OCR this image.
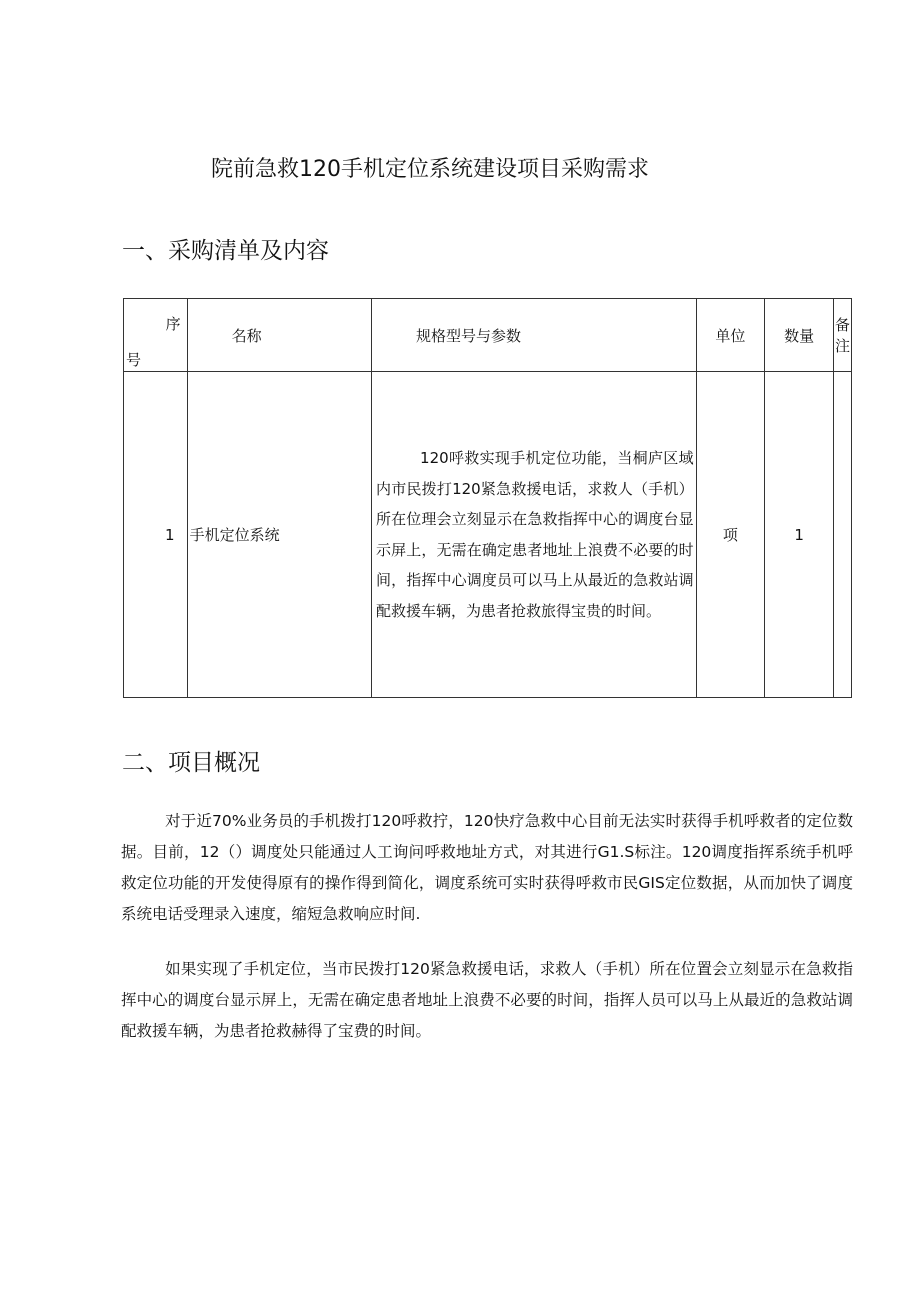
院前急救120手机定位系统建设项目采购需求
一、采购清单及内容
序
号	名称	规格型号与参数	单位	数量	备注
1	手机定位系统	120呼救实现手机定位功能，当桐庐区域内市民拨打120紧急救援电话，求救人（手机）所在位理会立刻显示在急救指挥中心的调度台显示屏上，无需在确定患者地址上浪费不必要的时间，指挥中心调度员可以马上从最近的急救站调配救援车辆，为患者抢救旅得宝贵的时间。	项	1	
二、项目概况
对于近70%业务员的手机拨打120呼救拧，120快疗急救中心目前无法实时获得手机呼救者的定位数据。目前，12（）调度处只能通过人工询问呼救地址方式，对其进行G1.S标注。120调度指挥系统手机呼救定位功能的开发使得原有的操作得到简化，调度系统可实时获得呼救市民GIS定位数据，从而加快了调度系统电话受理录入速度，缩短急救响应时间.
如果实现了手机定位，当市民拨打120紧急救援电话，求救人（手机）所在位置会立刻显示在急救指挥中心的调度台显示屏上，无需在确定患者地址上浪费不必要的时间，指挥人员可以马上从最近的急救站调配救援车辆，为患者抢救赫得了宝费的时间。
